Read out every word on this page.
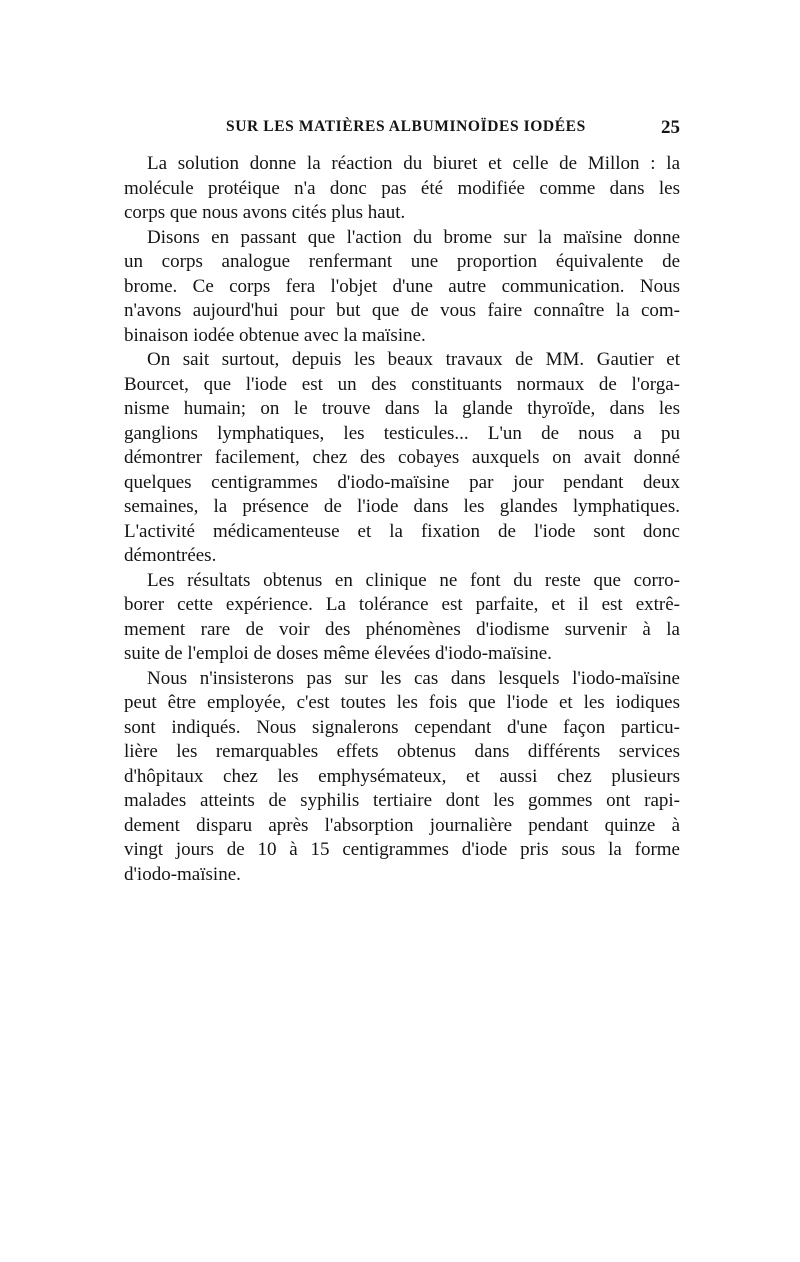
SUR LES MATIÈRES ALBUMINOÏDES IODÉES	25

La solution donne la réaction du biuret et celle de Millon : la
molécule protéique n'a donc pas été modifiée comme dans les
corps que nous avons cités plus haut.

Disons en passant que l'action du brome sur la maïsine donne
un corps analogue renfermant une proportion équivalente de
brome. Ce corps fera l'objet d'une autre communication. Nous
n'avons aujourd'hui pour but que de vous faire connaître la com-
binaison iodée obtenue avec la maïsine.

On sait surtout, depuis les beaux travaux de MM. Gautier et
Bourcet, que l'iode est un des constituants normaux de l'orga-
nisme humain; on le trouve dans la glande thyroïde, dans les
ganglions lymphatiques, les testicules... L'un de nous a pu
démontrer facilement, chez des cobayes auxquels on avait donné
quelques centigrammes d'iodo-maïsine par jour pendant deux
semaines, la présence de l'iode dans les glandes lymphatiques.
L'activité médicamenteuse et la fixation de l'iode sont donc
démontrées.

Les résultats obtenus en clinique ne font du reste que corro-
borer cette expérience. La tolérance est parfaite, et il est extrê-
mement rare de voir des phénomènes d'iodisme survenir à la
suite de l'emploi de doses même élevées d'iodo-maïsine.

Nous n'insisterons pas sur les cas dans lesquels l'iodo-maïsine
peut être employée, c'est toutes les fois que l'iode et les iodiques
sont indiqués. Nous signalerons cependant d'une façon particu-
lière les remarquables effets obtenus dans différents services
d'hôpitaux chez les emphysémateux, et aussi chez plusieurs
malades atteints de syphilis tertiaire dont les gommes ont rapi-
dement disparu après l'absorption journalière pendant quinze à
vingt jours de 10 à 15 centigrammes d'iode pris sous la forme
d'iodo-maïsine.
